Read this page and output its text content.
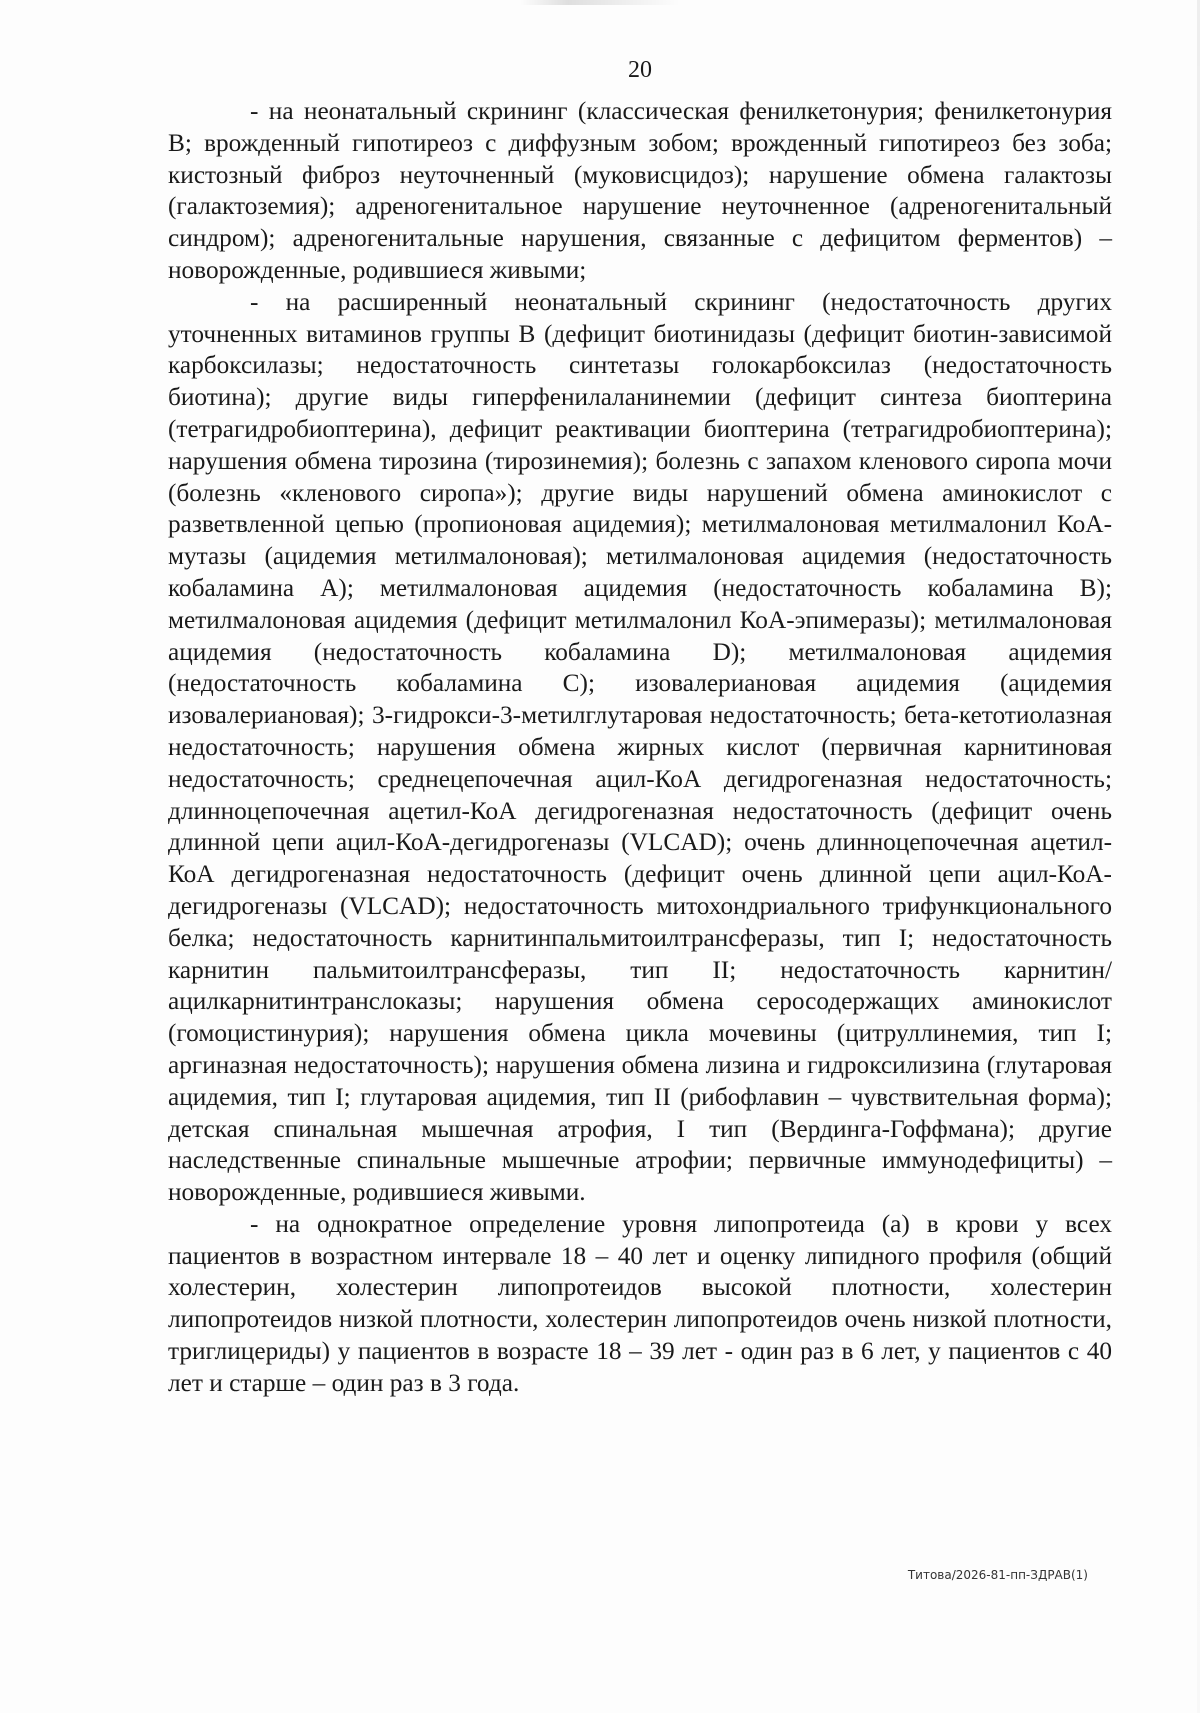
20

- на неонатальный скрининг (классическая фенилкетонурия; фенилкетонурия В; врожденный гипотиреоз с диффузным зобом; врожденный гипотиреоз без зоба; кистозный фиброз неуточненный (муковисцидоз); нарушение обмена галактозы (галактоземия); адреногенитальное нарушение неуточненное (адреногенитальный синдром); адреногенитальные нарушения, связанные с дефицитом ферментов) – новорожденные, родившиеся живыми;

- на расширенный неонатальный скрининг (недостаточность других уточненных витаминов группы В (дефицит биотинидазы (дефицит биотин-зависимой карбоксилазы; недостаточность синтетазы голокарбоксилаз (недостаточность биотина); другие виды гиперфенилаланинемии (дефицит синтеза биоптерина (тетрагидробиоптерина), дефицит реактивации биоптерина (тетрагидробиоптерина); нарушения обмена тирозина (тирозинемия); болезнь с запахом кленового сиропа мочи (болезнь «кленового сиропа»); другие виды нарушений обмена аминокислот с разветвленной цепью (пропионовая ацидемия); метилмалоновая метилмалонил КоА-мутазы (ацидемия метилмалоновая); метилмалоновая ацидемия (недостаточность кобаламина А); метилмалоновая ацидемия (недостаточность кобаламина В); метилмалоновая ацидемия (дефицит метилмалонил КоА-эпимеразы); метилмалоновая ацидемия (недостаточность кобаламина D); метилмалоновая ацидемия (недостаточность кобаламина С); изовалериановая ацидемия (ацидемия изовалериановая); 3-гидрокси-3-метилглутаровая недостаточность; бета-кетотиолазная недостаточность; нарушения обмена жирных кислот (первичная карнитиновая недостаточность; среднецепочечная ацил-КоА дегидрогеназная недостаточность; длинноцепочечная ацетил-КоА дегидрогеназная недостаточность (дефицит очень длинной цепи ацил-КоА-дегидрогеназы (VLCAD); очень длинноцепочечная ацетил-КоА дегидрогеназная недостаточность (дефицит очень длинной цепи ацил-КоА-дегидрогеназы (VLCAD); недостаточность митохондриального трифункционального белка; недостаточность карнитинпальмитоилтрансферазы, тип I; недостаточность карнитин пальмитоилтрансферазы, тип II; недостаточность карнитин/ацилкарнитинтранслоказы; нарушения обмена серосодержащих аминокислот (гомоцистинурия); нарушения обмена цикла мочевины (цитруллинемия, тип I; аргиназная недостаточность); нарушения обмена лизина и гидроксилизина (глутаровая ацидемия, тип I; глутаровая ацидемия, тип II (рибофлавин – чувствительная форма); детская спинальная мышечная атрофия, I тип (Вердинга-Гоффмана); другие наследственные спинальные мышечные атрофии; первичные иммунодефициты) – новорожденные, родившиеся живыми.

- на однократное определение уровня липопротеида (а) в крови у всех пациентов в возрастном интервале 18 – 40 лет и оценку липидного профиля (общий холестерин, холестерин липопротеидов высокой плотности, холестерин липопротеидов низкой плотности, холестерин липопротеидов очень низкой плотности, триглицериды) у пациентов в возрасте 18 – 39 лет - один раз в 6 лет, у пациентов с 40 лет и старше – один раз в 3 года.

Титова/2026-81-пп-ЗДРАВ(1)
